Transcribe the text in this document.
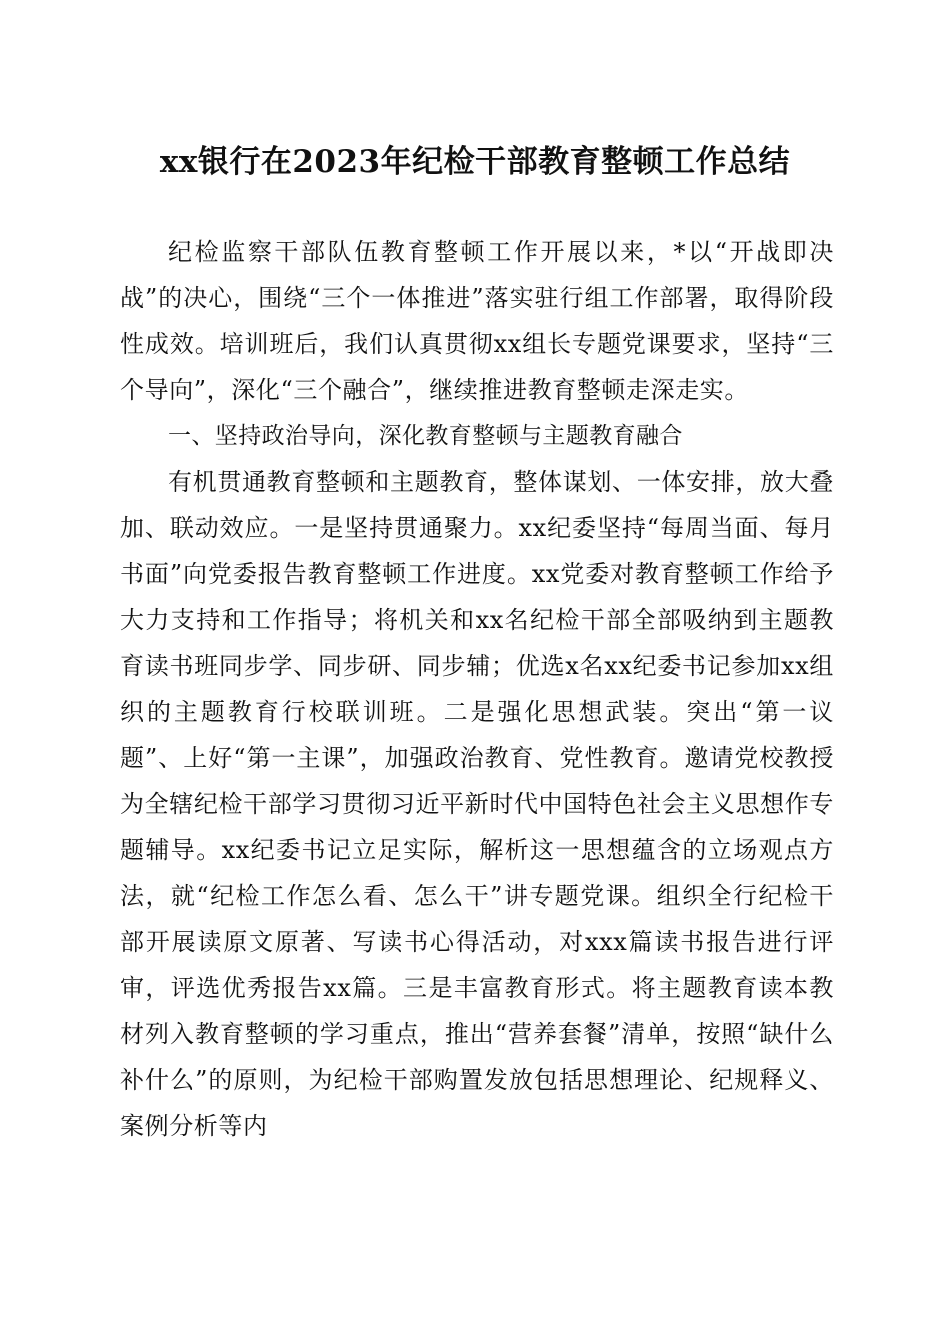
xx银行在2023年纪检干部教育整顿工作总结

纪检监察干部队伍教育整顿工作开展以来，*以“开战即决战”的决心，围绕“三个一体推进”落实驻行组工作部署，取得阶段性成效。培训班后，我们认真贯彻xx组长专题党课要求，坚持“三个导向”，深化“三个融合”，继续推进教育整顿走深走实。

一、坚持政治导向，深化教育整顿与主题教育融合

有机贯通教育整顿和主题教育，整体谋划、一体安排，放大叠加、联动效应。一是坚持贯通聚力。xx纪委坚持“每周当面、每月书面”向党委报告教育整顿工作进度。xx党委对教育整顿工作给予大力支持和工作指导；将机关和xx名纪检干部全部吸纳到主题教育读书班同步学、同步研、同步辅；优选x名xx纪委书记参加xx组织的主题教育行校联训班。二是强化思想武装。突出“第一议题”、上好“第一主课”，加强政治教育、党性教育。邀请党校教授为全辖纪检干部学习贯彻习近平新时代中国特色社会主义思想作专题辅导。xx纪委书记立足实际，解析这一思想蕴含的立场观点方法，就“纪检工作怎么看、怎么干”讲专题党课。组织全行纪检干部开展读原文原著、写读书心得活动，对xxx篇读书报告进行评审，评选优秀报告xx篇。三是丰富教育形式。将主题教育读本教材列入教育整顿的学习重点，推出“营养套餐”清单，按照“缺什么补什么”的原则，为纪检干部购置发放包括思想理论、纪规释义、案例分析等内
